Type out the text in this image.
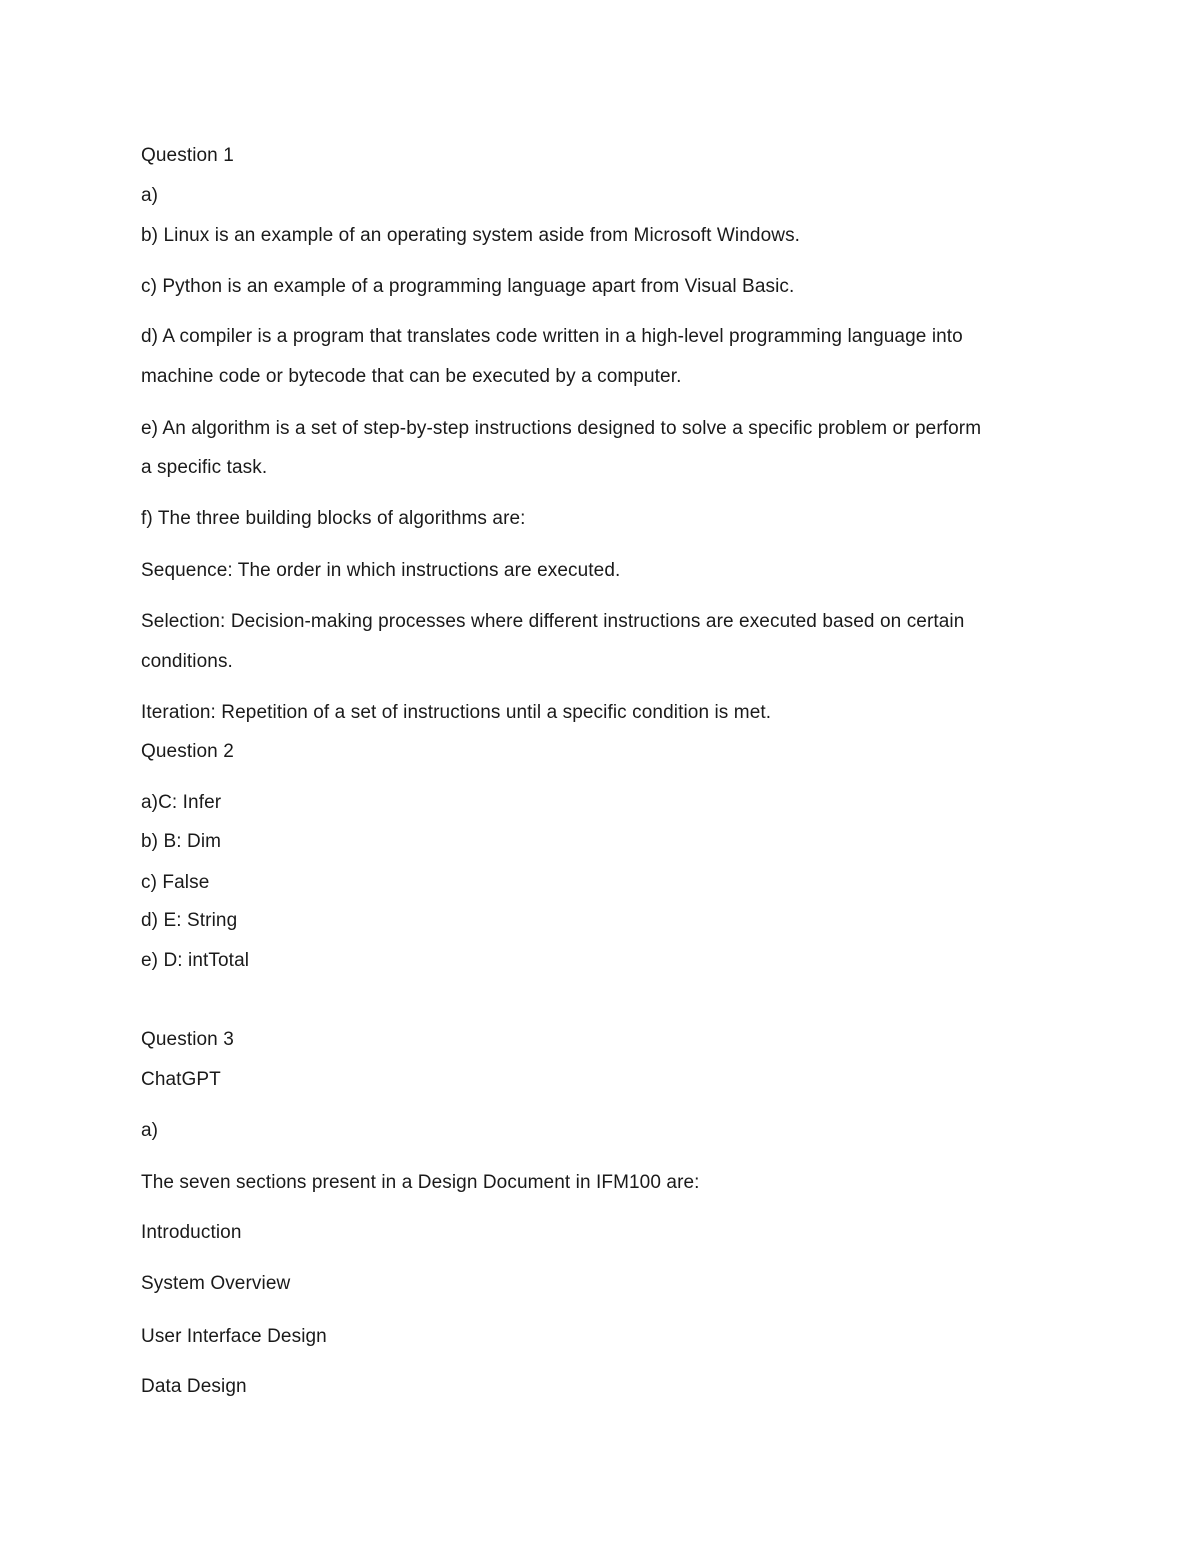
Question 1
a)
b) Linux is an example of an operating system aside from Microsoft Windows.
c) Python is an example of a programming language apart from Visual Basic.
d) A compiler is a program that translates code written in a high-level programming language into
machine code or bytecode that can be executed by a computer.
e) An algorithm is a set of step-by-step instructions designed to solve a specific problem or perform
a specific task.
f) The three building blocks of algorithms are:
Sequence: The order in which instructions are executed.
Selection: Decision-making processes where different instructions are executed based on certain
conditions.
Iteration: Repetition of a set of instructions until a specific condition is met.
Question 2
a)C: Infer
b) B: Dim
c) False
d) E: String
e) D: intTotal
Question 3
ChatGPT
a)
The seven sections present in a Design Document in IFM100 are:
Introduction
System Overview
User Interface Design
Data Design
